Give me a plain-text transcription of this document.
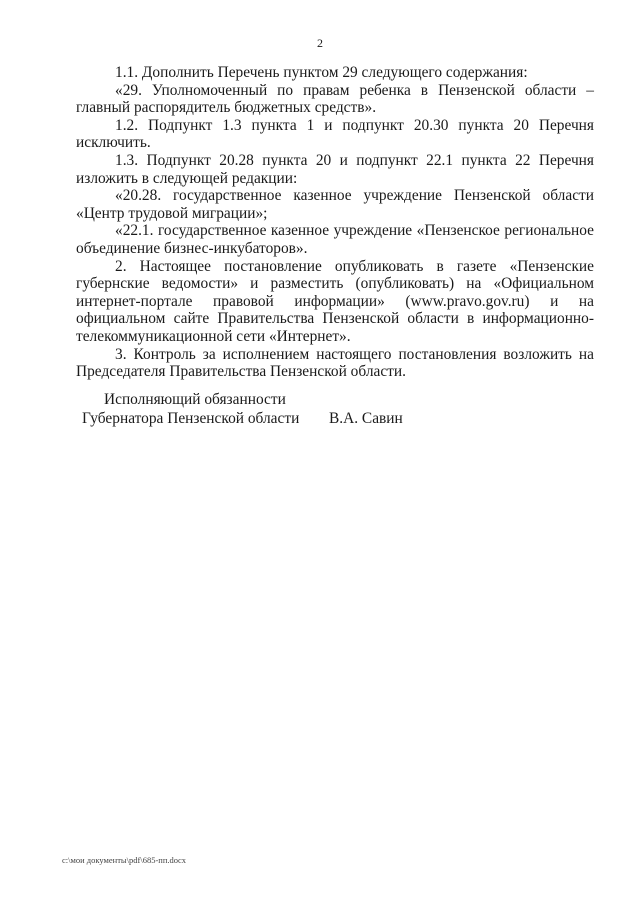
2

1.1. Дополнить Перечень пунктом 29 следующего содержания:

«29. Уполномоченный по правам ребенка в Пензенской области – главный распорядитель бюджетных средств».

1.2. Подпункт 1.3 пункта 1 и подпункт 20.30 пункта 20 Перечня исключить.

1.3. Подпункт 20.28 пункта 20 и подпункт 22.1 пункта 22 Перечня изложить в следующей редакции:

«20.28. государственное казенное учреждение Пензенской области «Центр трудовой миграции»;

«22.1. государственное казенное учреждение «Пензенское региональное объединение бизнес-инкубаторов».

2. Настоящее постановление опубликовать в газете «Пензенские губернские ведомости» и разместить (опубликовать) на «Официальном интернет-портале правовой информации» (www.pravo.gov.ru) и на официальном сайте Правительства Пензенской области в информационно-телекоммуникационной сети «Интернет».

3. Контроль за исполнением настоящего постановления возложить на Председателя Правительства Пензенской области.

Исполняющий обязанности
Губернатора Пензенской области В.А. Савин
c:\мои документы\pdf\685-пп.docx
